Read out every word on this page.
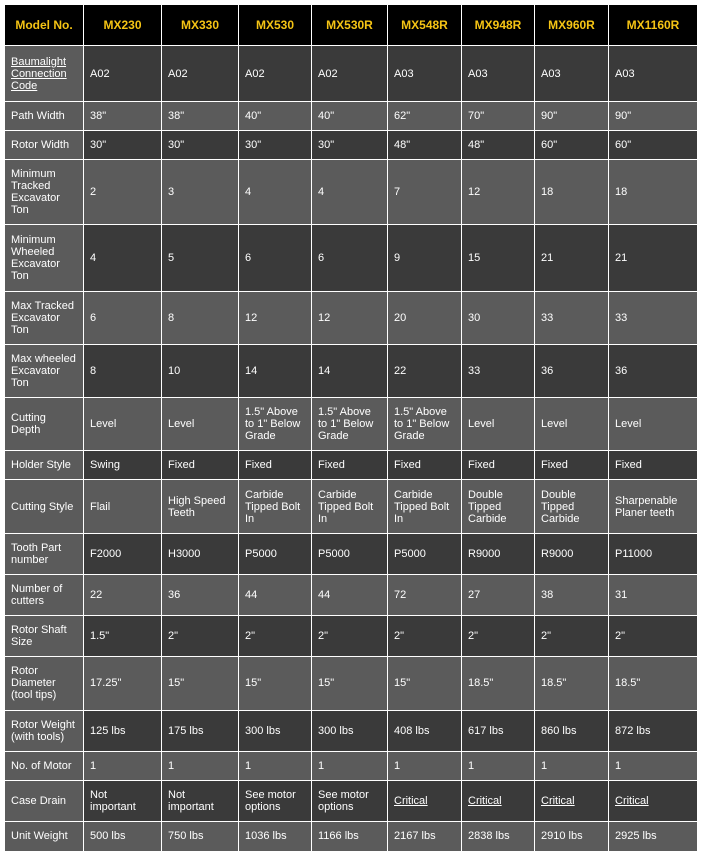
Model No.	MX230	MX330	MX530	MX530R	MX548R	MX948R	MX960R	MX1160R
Baumalight Connection Code	A02	A02	A02	A02	A03	A03	A03	A03
Path Width	38"	38"	40"	40"	62"	70"	90"	90"
Rotor Width	30"	30"	30"	30"	48"	48"	60"	60"
Minimum Tracked Excavator Ton	2	3	4	4	7	12	18	18
Minimum Wheeled Excavator Ton	4	5	6	6	9	15	21	21
Max Tracked Excavator Ton	6	8	12	12	20	30	33	33
Max wheeled Excavator Ton	8	10	14	14	22	33	36	36
Cutting Depth	Level	Level	1.5" Above to 1" Below Grade	1.5" Above to 1" Below Grade	1.5" Above to 1" Below Grade	Level	Level	Level
Holder Style	Swing	Fixed	Fixed	Fixed	Fixed	Fixed	Fixed	Fixed
Cutting Style	Flail	High Speed Teeth	Carbide Tipped Bolt In	Carbide Tipped Bolt In	Carbide Tipped Bolt In	Double Tipped Carbide	Double Tipped Carbide	Sharpenable Planer teeth
Tooth Part number	F2000	H3000	P5000	P5000	P5000	R9000	R9000	P11000
Number of cutters	22	36	44	44	72	27	38	31
Rotor Shaft Size	1.5"	2"	2"	2"	2"	2"	2"	2"
Rotor Diameter (tool tips)	17.25"	15"	15"	15"	15"	18.5"	18.5"	18.5"
Rotor Weight (with tools)	125 lbs	175 lbs	300 lbs	300 lbs	408 lbs	617 lbs	860 lbs	872 lbs
No. of Motor	1	1	1	1	1	1	1	1
Case Drain	Not important	Not important	See motor options	See motor options	Critical	Critical	Critical	Critical
Unit Weight	500 lbs	750 lbs	1036 lbs	1166 lbs	2167 lbs	2838 lbs	2910 lbs	2925 lbs
